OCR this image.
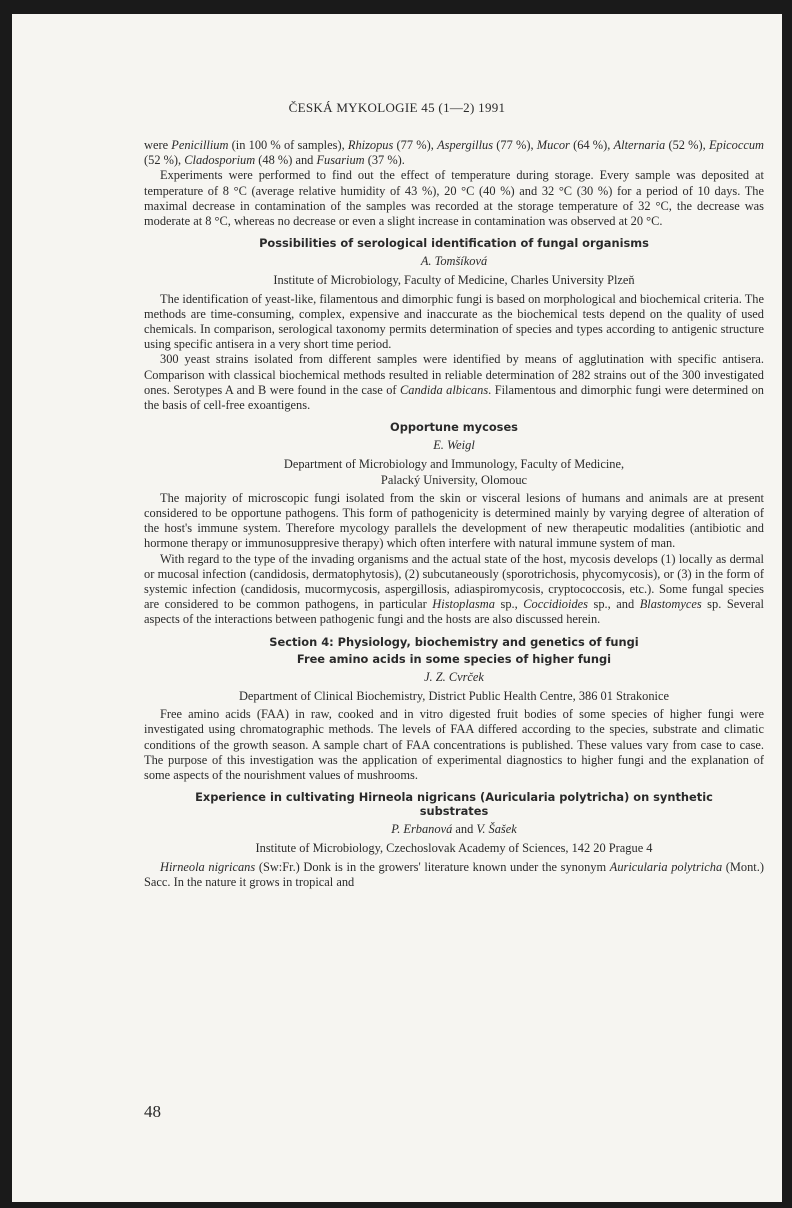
ČESKÁ MYKOLOGIE 45 (1—2) 1991

were Penicillium (in 100 % of samples), Rhizopus (77 %), Aspergillus (77 %), Mucor (64 %), Alternaria (52 %), Epicoccum (52 %), Cladosporium (48 %) and Fusarium (37 %).

Experiments were performed to find out the effect of temperature during storage. Every sample was deposited at temperature of 8 °C (average relative humidity of 43 %), 20 °C (40 %) and 32 °C (30 %) for a period of 10 days. The maximal decrease in contamination of the samples was recorded at the storage temperature of 32 °C, the decrease was moderate at 8 °C, whereas no decrease or even a slight increase in contamination was observed at 20 °C.

Possibilities of serological identification of fungal organisms
A. Tomšíková
Institute of Microbiology, Faculty of Medicine, Charles University Plzeň

The identification of yeast-like, filamentous and dimorphic fungi is based on morphological and biochemical criteria. The methods are time-consuming, complex, expensive and inaccurate as the biochemical tests depend on the quality of used chemicals. In comparison, serological taxonomy permits determination of species and types according to antigenic structure using specific antisera in a very short time period.

300 yeast strains isolated from different samples were identified by means of agglutination with specific antisera. Comparison with classical biochemical methods resulted in reliable determination of 282 strains out of the 300 investigated ones. Serotypes A and B were found in the case of Candida albicans. Filamentous and dimorphic fungi were determined on the basis of cell-free exoantigens.

Opportune mycoses
E. Weigl
Department of Microbiology and Immunology, Faculty of Medicine,
Palacký University, Olomouc

The majority of microscopic fungi isolated from the skin or visceral lesions of humans and animals are at present considered to be opportune pathogens. This form of pathogenicity is determined mainly by varying degree of alteration of the host's immune system. Therefore mycology parallels the development of new therapeutic modalities (antibiotic and hormone therapy or immunosuppresive therapy) which often interfere with natural immune system of man.

With regard to the type of the invading organisms and the actual state of the host, mycosis develops (1) locally as dermal or mucosal infection (candidosis, dermatophytosis), (2) subcutaneously (sporotrichosis, phycomycosis), or (3) in the form of systemic infection (candidosis, mucormycosis, aspergillosis, adiaspiromycosis, cryptococcosis, etc.). Some fungal species are considered to be common pathogens, in particular Histoplasma sp., Coccidioides sp., and Blastomyces sp. Several aspects of the interactions between pathogenic fungi and the hosts are also discussed herein.

Section 4: Physiology, biochemistry and genetics of fungi
Free amino acids in some species of higher fungi
J. Z. Cvrček
Department of Clinical Biochemistry, District Public Health Centre, 386 01 Strakonice

Free amino acids (FAA) in raw, cooked and in vitro digested fruit bodies of some species of higher fungi were investigated using chromatographic methods. The levels of FAA differed according to the species, substrate and climatic conditions of the growth season. A sample chart of FAA concentrations is published. These values vary from case to case. The purpose of this investigation was the application of experimental diagnostics to higher fungi and the explanation of some aspects of the nourishment values of mushrooms.

Experience in cultivating Hirneola nigricans (Auricularia polytricha) on synthetic
substrates
P. Erbanová and V. Šašek
Institute of Microbiology, Czechoslovak Academy of Sciences, 142 20 Prague 4

Hirneola nigricans (Sw:Fr.) Donk is in the growers' literature known under the synonym Auricularia polytricha (Mont.) Sacc. In the nature it grows in tropical and

48
